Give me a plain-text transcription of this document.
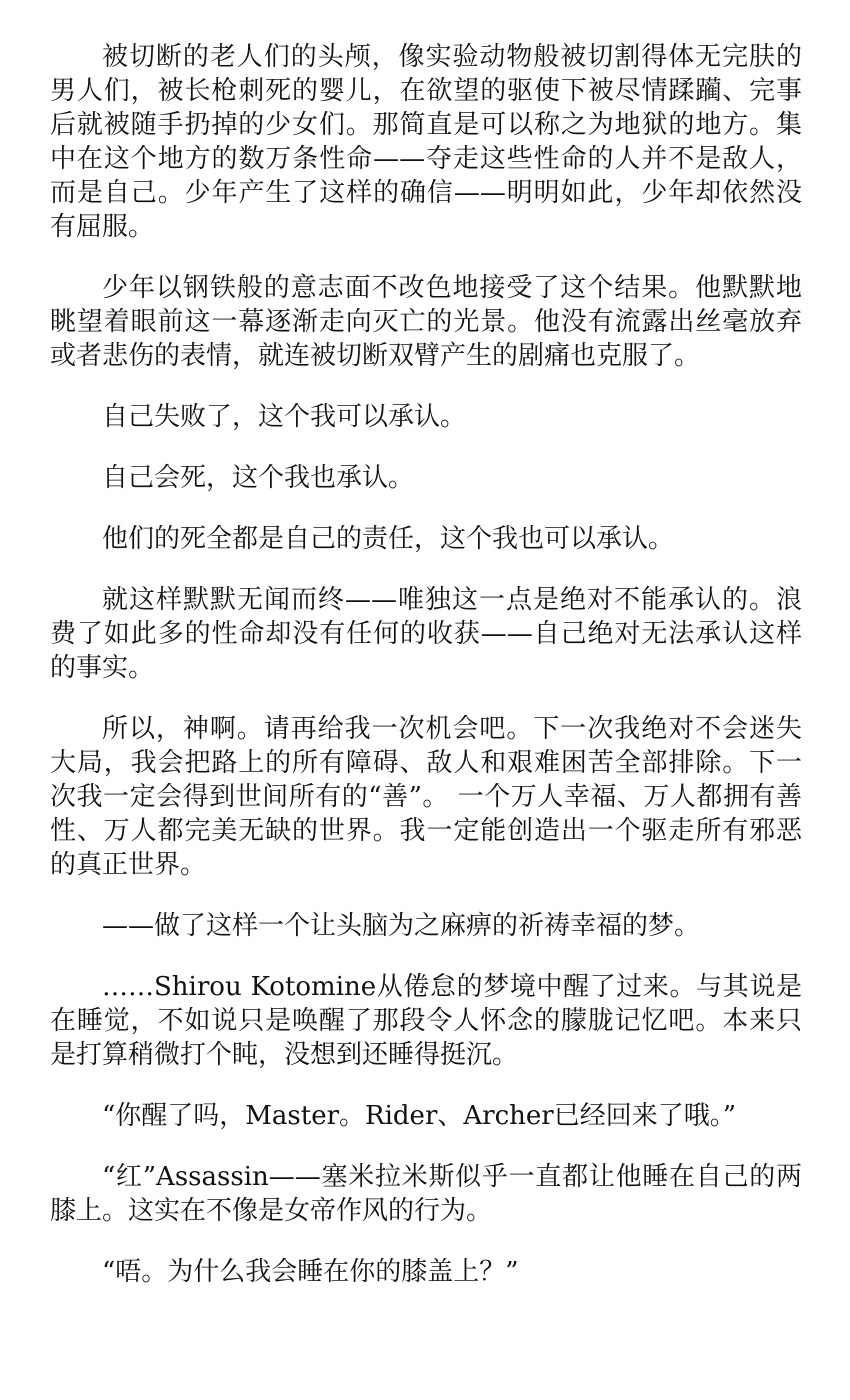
被切断的老人们的头颅，像实验动物般被切割得体无完肤的男人们，被长枪刺死的婴儿，在欲望的驱使下被尽情蹂躏、完事后就被随手扔掉的少女们。那简直是可以称之为地狱的地方。集中在这个地方的数万条性命——夺走这些性命的人并不是敌人，而是自己。少年产生了这样的确信——明明如此，少年却依然没有屈服。

少年以钢铁般的意志面不改色地接受了这个结果。他默默地眺望着眼前这一幕逐渐走向灭亡的光景。他没有流露出丝毫放弃或者悲伤的表情，就连被切断双臂产生的剧痛也克服了。

自己失败了，这个我可以承认。

自己会死，这个我也承认。

他们的死全都是自己的责任，这个我也可以承认。

就这样默默无闻而终——唯独这一点是绝对不能承认的。浪费了如此多的性命却没有任何的收获——自己绝对无法承认这样的事实。

所以，神啊。请再给我一次机会吧。下一次我绝对不会迷失大局，我会把路上的所有障碍、敌人和艰难困苦全部排除。下一次我一定会得到世间所有的“善”。 一个万人幸福、万人都拥有善性、万人都完美无缺的世界。我一定能创造出一个驱走所有邪恶的真正世界。

——做了这样一个让头脑为之麻痹的祈祷幸福的梦。

……Shirou Kotomine从倦怠的梦境中醒了过来。与其说是在睡觉，不如说只是唤醒了那段令人怀念的朦胧记忆吧。本来只是打算稍微打个盹，没想到还睡得挺沉。

“你醒了吗，Master。Rider、Archer已经回来了哦。”

“红”Assassin——塞米拉米斯似乎一直都让他睡在自己的两膝上。这实在不像是女帝作风的行为。

“唔。为什么我会睡在你的膝盖上？”
